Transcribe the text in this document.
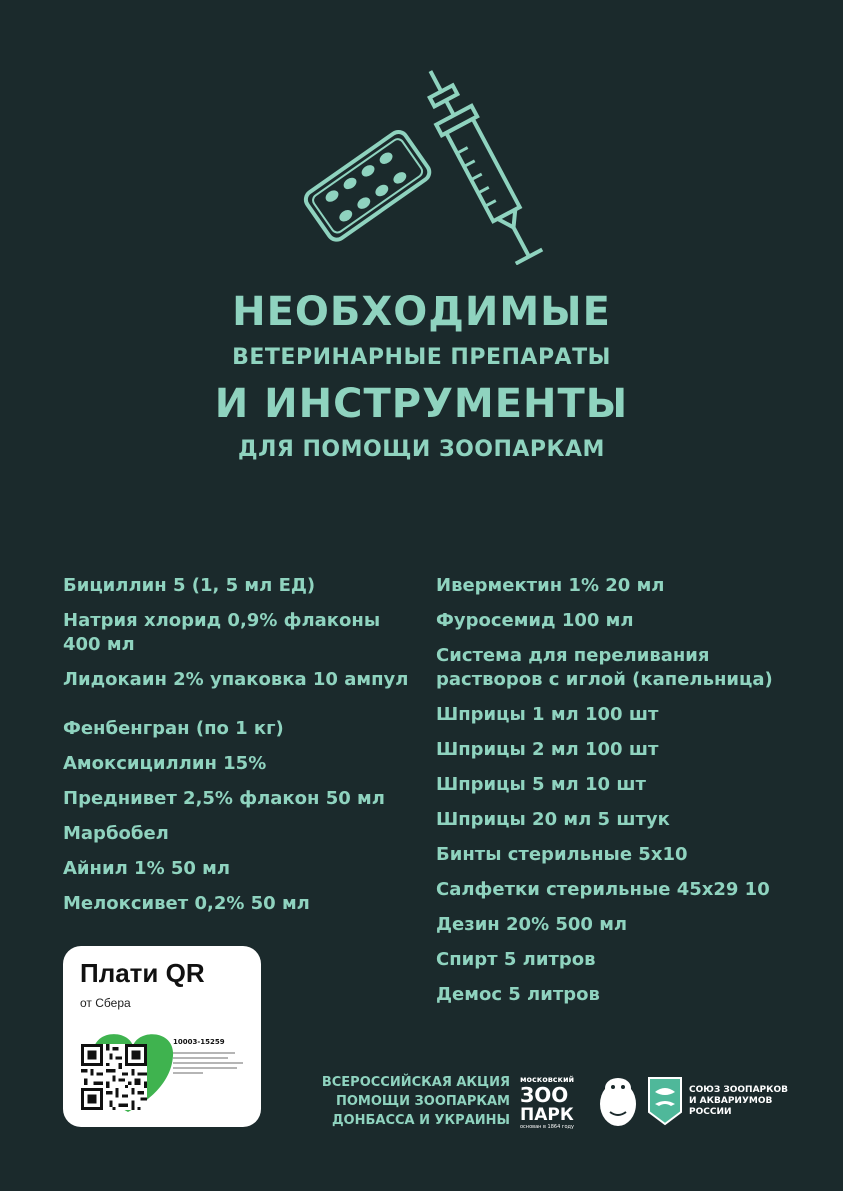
НЕОБХОДИМЫЕ
ВЕТЕРИНАРНЫЕ ПРЕПАРАТЫ
И ИНСТРУМЕНТЫ
ДЛЯ ПОМОЩИ ЗООПАРКАМ
Бициллин 5 (1, 5 мл ЕД)
Натрия хлорид 0,9% флаконы 400 мл
Лидокаин 2% упаковка 10 ампул
Фенбенгран (по 1 кг)
Амоксициллин 15%
Преднивет 2,5% флакон 50 мл
Марбобел
Айнил 1% 50 мл
Мелоксивет 0,2% 50 мл
Ивермектин 1% 20 мл
Фуросемид 100 мл
Система для переливания растворов с иглой (капельница)
Шприцы 1 мл 100 шт
Шприцы 2 мл 100 шт
Шприцы 5 мл 10 шт
Шприцы 20 мл 5 штук
Бинты стерильные 5х10
Салфетки стерильные 45х29 10
Дезин 20% 500 мл
Спирт 5 литров
Демос 5 литров
Плати QR
от Сбера
10003-15259
ВСЕРОССИЙСКАЯ АКЦИЯ
ПОМОЩИ ЗООПАРКАМ
ДОНБАССА И УКРАИНЫ
московский
ЗОО
ПАРК
основан в 1864 году
СОЮЗ ЗООПАРКОВ
И АКВАРИУМОВ
РОССИИ
